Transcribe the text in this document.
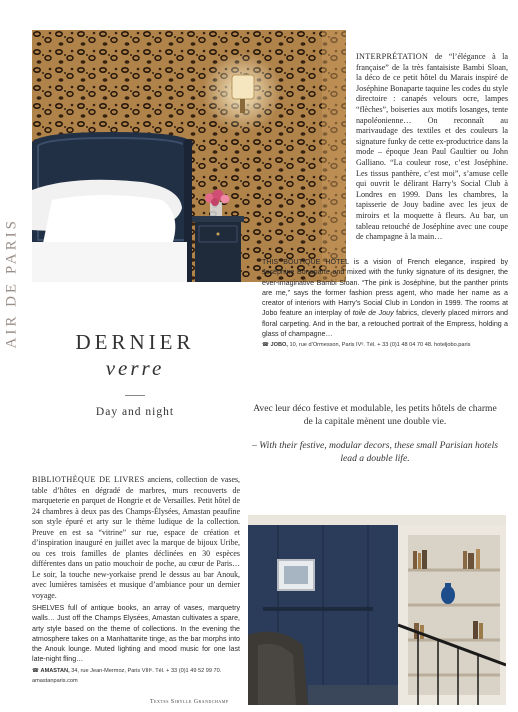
AIR DE PARIS
INTERPRÉTATION de “l’élégance à la française” de la très fantaisiste Bambi Sloan, la déco de ce petit hôtel du Marais inspiré de Joséphine Bonaparte taquine les codes du style directoire : canapés velours ocre, lampes “flèches”, boiseries aux motifs losanges, tente napoléonienne… On reconnaît au marivaudage des textiles et des couleurs la signature funky de cette ex-productrice dans la mode – époque Jean Paul Gaultier ou John Galliano. “La couleur rose, c’est Joséphine. Les tissus panthère, c’est moi”, s’amuse celle qui ouvrit le délirant Harry’s Social Club à Londres en 1999. Dans les chambres, la tapisserie de Jouy badine avec les jeux de miroirs et la moquette à fleurs. Au bar, un tableau retouché de Joséphine avec une coupe de champagne à la main…
THIS BOUTIQUE HOTEL is a vision of French elegance, inspired by Joséphine Bonaparte and mixed with the funky signature of its designer, the ever-imaginative Bambi Sloan. “The pink is Joséphine, but the panther prints are me,” says the former fashion press agent, who made her name as a creator of interiors with Harry’s Social Club in London in 1999. The rooms at Jobo feature an interplay of toile de Jouy fabrics, cleverly placed mirrors and floral carpeting. And in the bar, a retouched portrait of the Empress, holding a glass of champagne…
☎ JOBO, 10, rue d’Ormesson, Paris IVᵉ. Tél. + 33 (0)1 48 04 70 48. hoteljobo.paris
DERNIER
verre
Day and night	Avec leur déco festive et modulable, les petits hôtels de charme de la capitale mènent une double vie.
– With their festive, modular decors, these small Parisian hotels lead a double life.
BIBLIOTHÈQUE DE LIVRES anciens, collection de vases, table d’hôtes en dégradé de marbres, murs recouverts de marqueterie en parquet de Hongrie et de Versailles. Petit hôtel de 24 chambres à deux pas des Champs-Élysées, Amastan peaufine son style épuré et arty sur le thème ludique de la collection. Preuve en est sa “vitrine” sur rue, espace de création et d’inspiration inauguré en juillet avec la marque de bijoux Uribe, ou ces trois familles de plantes déclinées en 30 espèces différentes dans un patio mouchoir de poche, au cœur de Paris… Le soir, la touche new-yorkaise prend le dessus au bar Anouk, avec lumières tamisées et musique d’ambiance pour un dernier voyage.
SHELVES full of antique books, an array of vases, marquetry walls… Just off the Champs Elysées, Amastan cultivates a spare, arty style based on the theme of collections. In the evening the atmosphere takes on a Manhattanite tinge, as the bar morphs into the Anouk lounge. Muted lighting and mood music for one last late-night fling…
☎ AMASTAN, 34, rue Jean-Mermoz, Paris VIIIᵉ. Tél. + 33 (0)1 49 52 99 70.
amastanparis.com
Textes Sibylle Grandchamp
